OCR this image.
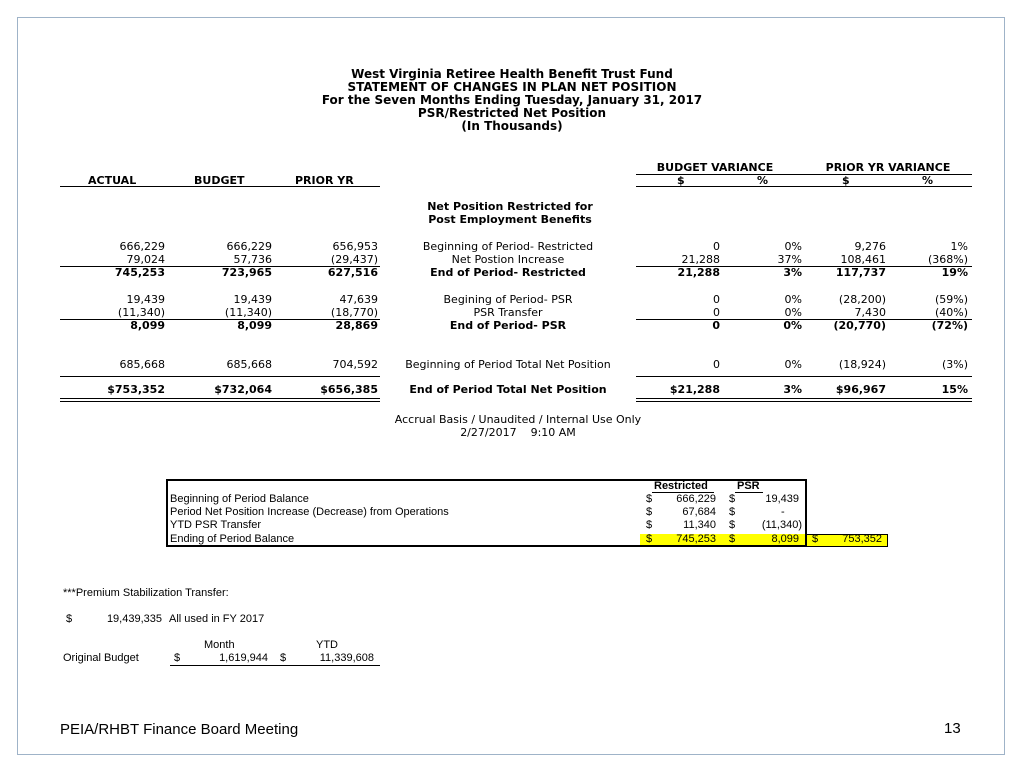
West Virginia Retiree Health Benefit Trust Fund
STATEMENT OF CHANGES IN PLAN NET POSITION
For the Seven Months Ending Tuesday, January 31, 2017
PSR/Restricted Net Position
(In Thousands)
BUDGET VARIANCE	PRIOR YR VARIANCE
ACTUAL	BUDGET	PRIOR YR	$	%	$	%
Net Position Restricted for
Post Employment Benefits
666,229	666,229	656,953	Beginning of Period- Restricted	0	0%	9,276	1%
79,024	57,736	(29,437)	Net Postion Increase	21,288	37%	108,461	(368%)
745,253	723,965	627,516	End of Period- Restricted	21,288	3%	117,737	19%
19,439	19,439	47,639	Begining of Period- PSR	0	0%	(28,200)	(59%)
(11,340)	(11,340)	(18,770)	PSR Transfer	0	0%	7,430	(40%)
8,099	8,099	28,869	End of Period- PSR	0	0%	(20,770)	(72%)
685,668	685,668	704,592	Beginning of Period Total Net Position	0	0%	(18,924)	(3%)
$753,352	$732,064	$656,385	End of Period Total Net Position	$21,288	3%	$96,967	15%
Accrual Basis / Unaudited / Internal Use Only
2/27/2017    9:10 AM
Restricted	PSR
Beginning of Period Balance	$	666,229 $	19,439
Period Net Position Increase (Decrease) from Operations	$	67,684 $	-
YTD PSR Transfer	$	11,340 $	(11,340)
Ending of Period Balance	$	745,253 $	8,099 $	753,352
***Premium Stabilization Transfer:
$	19,439,335 All used in FY 2017
Month	YTD
Original Budget	$	1,619,944 $	11,339,608
PEIA/RHBT Finance Board Meeting	13
